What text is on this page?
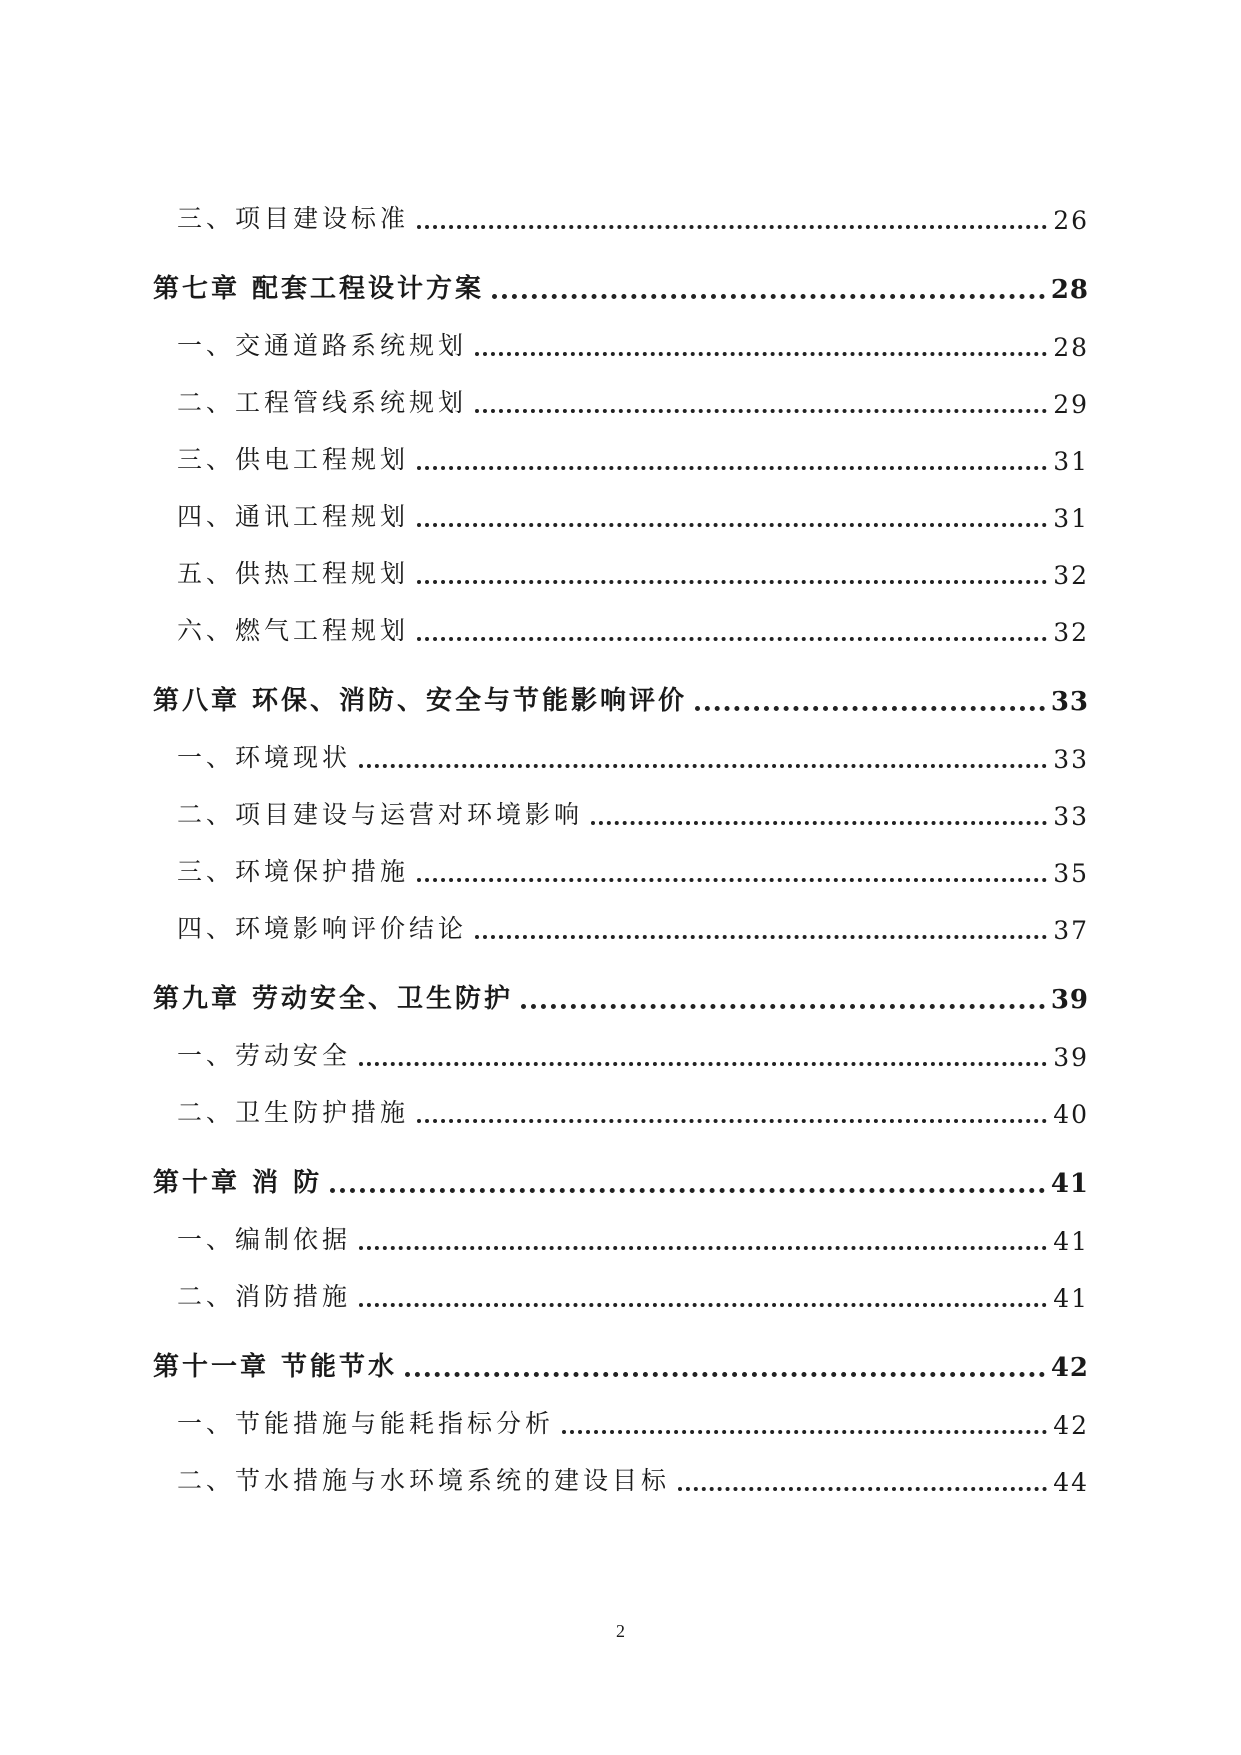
三、项目建设标准	26
第七章 配套工程设计方案	28
一、交通道路系统规划	28
二、工程管线系统规划	29
三、供电工程规划	31
四、通讯工程规划	31
五、供热工程规划	32
六、燃气工程规划	32
第八章 环保、消防、安全与节能影响评价	33
一、环境现状	33
二、项目建设与运营对环境影响	33
三、环境保护措施	35
四、环境影响评价结论	37
第九章 劳动安全、卫生防护	39
一、劳动安全	39
二、卫生防护措施	40
第十章 消 防	41
一、编制依据	41
二、消防措施	41
第十一章 节能节水	42
一、节能措施与能耗指标分析	42
二、节水措施与水环境系统的建设目标	44
2
